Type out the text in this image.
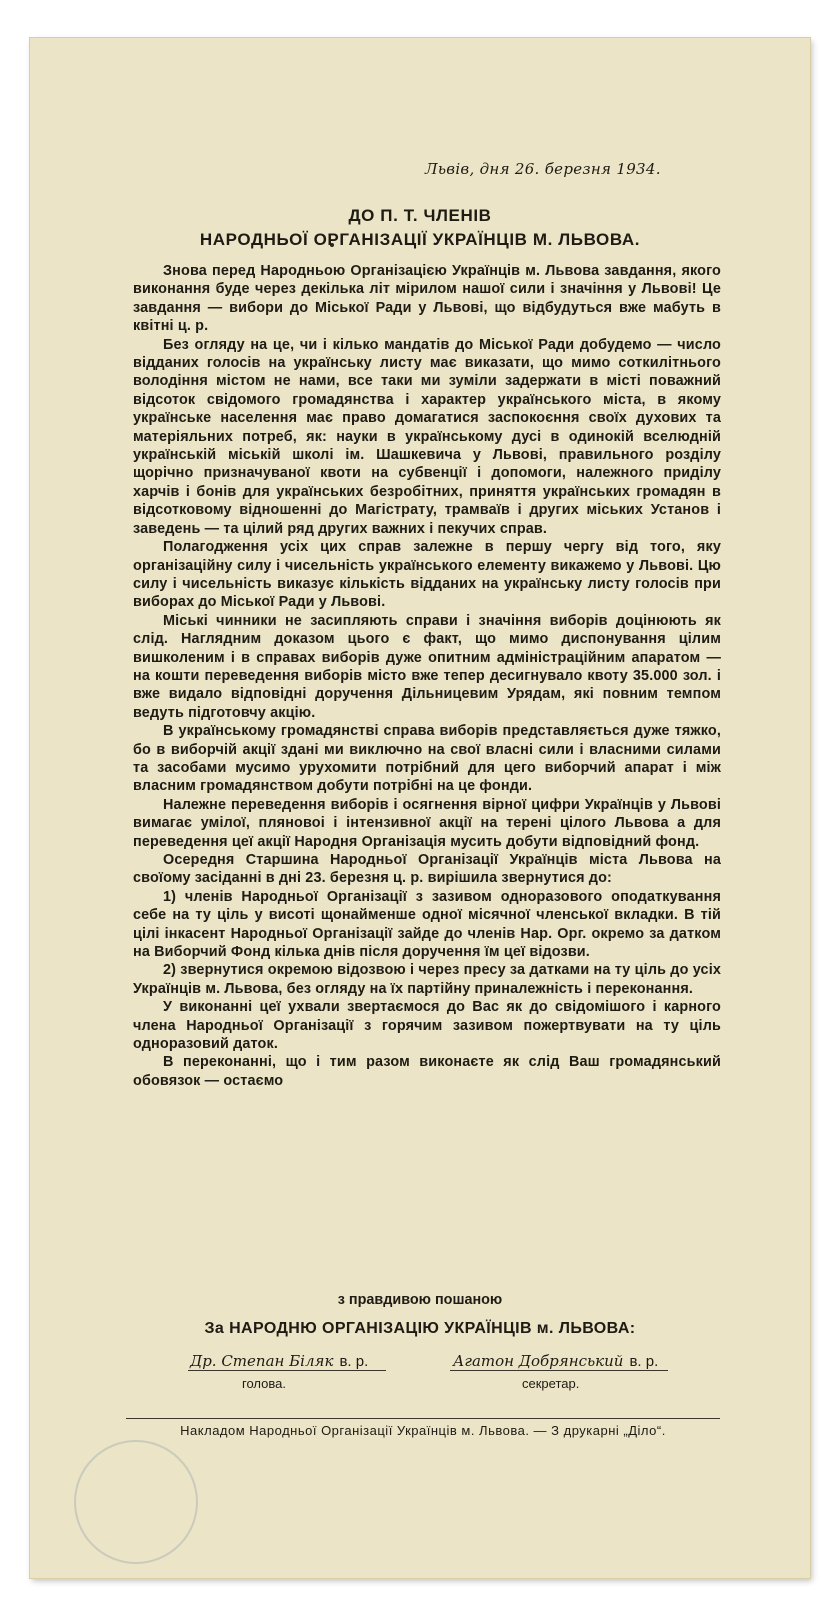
Львів, дня 26. березня 1934.
ДО П. Т. ЧЛЕНІВ
НАРОДНЬОЇ ОРГАНІЗАЦІЇ УКРАЇНЦІВ М. ЛЬВОВА.

Знова перед Народньою Організацією Українців м. Львова завдання, якого виконання буде через декілька літ мірилом нашої сили і значіння у Львові! Це завдання — вибори до Міської Ради у Львові, що відбудуться вже мабуть в квітні ц. р.

Без огляду на це, чи і кілько мандатів до Міської Ради добудемо — число відданих голосів на українську листу має виказати, що мимо соткилітнього володіння містом не нами, все таки ми зуміли задержати в місті поважний відсоток свідомого громадянства і характер українського міста, в якому українське населення має право домагатися заспокоєння своїх духових та матеріяльних потреб, як: науки в українському дусі в одинокій вселюдній українській міській школі ім. Шашкевича у Львові, правильного розділу щорічно призначуваної квоти на субвенції і допомоги, належного приділу харчів і бонів для українських безробітних, приняття українських громадян в відсотковому відношенні до Магістрату, трамваїв і других міських Установ і заведень — та цілий ряд других важних і пекучих справ.

Полагодження усіх цих справ залежне в першу чергу від того, яку організаційну силу і чисельність українського елементу викажемо у Львові. Цю силу і чисельність виказує кількість відданих на українську листу голосів при виборах до Міської Ради у Львові.

Міські чинники не засипляють справи і значіння виборів доцінюють як слід. Наглядним доказом цього є факт, що мимо диспонування цілим вишколеним і в справах виборів дуже опитним адміністраційним апаратом — на кошти переведення виборів місто вже тепер десигнувало квоту 35.000 зол. і вже видало відповідні доручення Дільницевим Урядам, які повним темпом ведуть підготовчу акцію.

В українському громадянстві справа виборів представляється дуже тяжко, бо в виборчій акції здані ми виключно на свої власні сили і власними силами та засобами мусимо урухомити потрібний для цего виборчий апарат і між власним громадянством добути потрібні на це фонди.

Належне переведення виборів і осягнення вірної цифри Українців у Львові вимагає умілої, пляновоі і інтензивної акції на терені цілого Львова а для переведення цеї акції Народня Організація мусить добути відповідний фонд.

Осередня Старшина Народньої Організації Українців міста Львова на своїому засіданні в дні 23. березня ц. р. вирішила звернутися до:

1) членів Народньої Організації з зазивом одноразового оподаткування себе на ту ціль у висоті щонайменше одної місячної членської вкладки. В тій цілі інкасент Народньої Організації зайде до членів Нар. Орг. окремо за датком на Виборчий Фонд кілька днів після доручення їм цеї відозви.

2) звернутися окремою відозвою і через пресу за датками на ту ціль до усіх Українців м. Львова, без огляду на їх партійну приналежність і переконання.

У виконанні цеї ухвали звертаємося до Вас як до свідомішого і карного члена Народньої Організації з горячим зазивом пожертвувати на ту ціль одноразовий даток.

В переконанні, що і тим разом виконаєте як слід Ваш громадянський обовязок — остаємо

з правдивою пошаною
За НАРОДНЮ ОРГАНІЗАЦІЮ УКРАЇНЦІВ м. ЛЬВОВА:
Др. Степан Біляк в. р.
голова.
Агатон Добрянський в. р.
секретар.
Накладом Народньої Організації Українців м. Львова. — З друкарні „Діло“.
